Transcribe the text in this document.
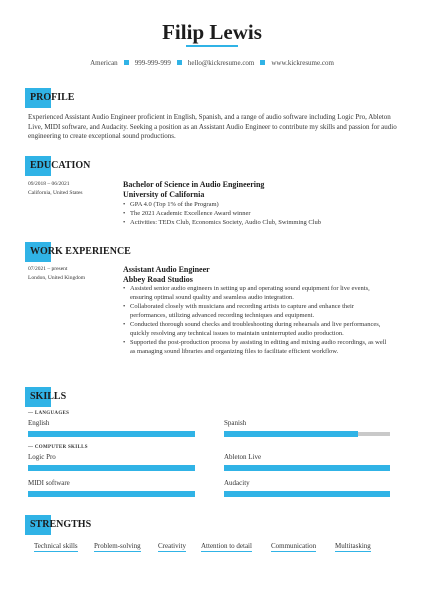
Filip Lewis
American 999-999-999 hello@kickresume.com www.kickresume.com
PROFILE
Experienced Assistant Audio Engineer proficient in English, Spanish, and a range of audio software including Logic Pro, Ableton Live, MIDI software, and Audacity. Seeking a position as an Assistant Audio Engineer to contribute my skills and passion for audio engineering to create exceptional sound productions.
EDUCATION
09/2018 – 06/2021
California, United States
Bachelor of Science in Audio Engineering
University of California
• GPA 4.0 (Top 1% of the Program)
• The 2021 Academic Excellence Award winner
• Activities: TEDx Club, Economics Society, Audio Club, Swimming Club
WORK EXPERIENCE
07/2021 – present
London, United Kingdom
Assistant Audio Engineer
Abbey Road Studios
• Assisted senior audio engineers in setting up and operating sound equipment for live events, ensuring optimal sound quality and seamless audio integration.
• Collaborated closely with musicians and recording artists to capture and enhance their performances, utilizing advanced recording techniques and equipment.
• Conducted thorough sound checks and troubleshooting during rehearsals and live performances, quickly resolving any technical issues to maintain uninterrupted audio production.
• Supported the post-production process by assisting in editing and mixing audio recordings, as well as managing sound libraries and organizing files to facilitate efficient workflow.
SKILLS
— LANGUAGES
English	Spanish
— COMPUTER SKILLS
Logic Pro	Ableton Live
MIDI software	Audacity
STRENGTHS
Technical skills Problem-solving Creativity Attention to detail	Communication	Multitasking
